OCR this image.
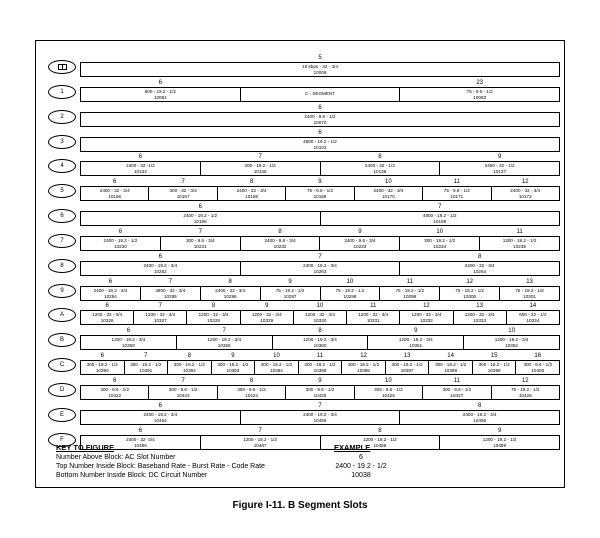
5
16 kbps - 32 - 3/4
10006
1
6
600 - 19.2 - 1/2
10081
C - SEGMENT
23
75 - 9.6 - 1/2
10083
2
6
2400 - 9.6 - 1/2
10070
3
6
4800 - 19.2 - 1/2
10102
4
6
2400 - 32 -1/2
10134
7
300 - 19.2 - 1/2
10135
8
2400 - 32 - 1/2
10136
9
2400 - 32 - 1/2
10137
5
6
2400 - 32 - 3/4
10166
7
300 - 32 - 3/4
10167
8
2400 - 32 - 3/4
10168
9
75 - 9.6 - 1/2
10169
10
2400 - 32 - 3/4
10170
11
75 - 9.6 - 1/2
10171
12
2400 - 32 - 3/4
10172
6
6
2400 - 19.2 - 1/2
10198
7
4800 - 19.2 - 1/2
10199
7
6
2400 - 19.2 - 1/2
10230
7
300 - 9.6 - 3/4
10231
8
2400 - 9.6 - 3/4
10232
9
2400 - 9.6 - 3/4
10233
10
300 - 19.2 - 1/2
10234
11
1200 - 19.2 - 1/2
10235
8
6
2400 - 19.2 - 3/4
10262
7
2400 - 19.2 - 3/4
10263
8
2400 - 32 - 3/4
10264
9
6
2400 - 19.2 - 3/4
10294
7
4800 - 32 - 3/4
10295
8
2400 - 32 - 3/4
10296
9
75 - 19.2 - 1/2
10297
10
75 - 19.2 - 1.2
10298
11
75 - 19.2 - 1/2
10299
12
75 - 19.2 - 1/2
10300
13
75 - 19.2 - 1/2
10301
A
6
1200 - 32 - 3/4
10326
7
1200 - 32 - 3/4
10327
8
1200 - 32 - 3/4
10328
9
1200 - 32 - 3/4
10329
10
1200 - 32 - 3/4
10330
11
1200 - 32 - 3/4
10331
12
1200 - 32 - 3/4
10332
13
1200 - 32 - 3/4
10333
14
600 - 32 - 1/2
10334
B
6
1200 - 19.2 - 3/4
10358
7
1200 - 19.2 - 3/4
10359
8
1200 - 19.2 - 3/4
10360
9
1200 - 19.2 - 3/4
10361
10
1200 - 19.2 - 3/4
10362
C
6
300 - 19.2 - 1/2
10390
7
300 - 19.2 - 1/2
10391
8
300 - 19.2 - 1/2
10392
9
300 - 19.2 - 1/2
10393
10
300 - 19.2 - 1/2
10394
11
300 - 19.2 - 1/2
10395
12
300 - 19.2 - 1/2
10396
13
300 - 19.2 - 1/2
10397
14
300 - 19.2 - 1/2
10398
15
300 - 19.2 - 1/2
10399
16
300 - 9.6 - 1/2
10400
D
6
300 - 9.6 - 1/2
10422
7
300 - 9.6 - 1/2
10423
8
300 - 9.6 - 1/2
10424
9
300 - 9.6 - 1/2
10425
10
300 - 9.6 - 1/2
10426
11
300 - 9.6 - 1/2
10427
12
75 - 19.2 - 1/2
10428
E
6
2400 - 19.2 - 3/4
10454
7
2400 - 19.2 - 3/4
10455
8
2400 - 19.2 - 3/4
10456
F
6
2400 - 32 -3/4
10486
7
1200 - 19.2 - 1/2
10487
8
1200 - 19.2 - 1/2
10488
9
1200 - 19.2 - 1/2
10489
KEY TO FIGURE
Number Above Block: AC Slot Number
Top Number Inside Block: Baseband Rate - Burst Rate - Code Rate
Bottom Number Inside Block: DC Circuit Number
EXAMPLE
6
2400 - 19.2 - 1/2
10038
Figure I-11. B Segment Slots
